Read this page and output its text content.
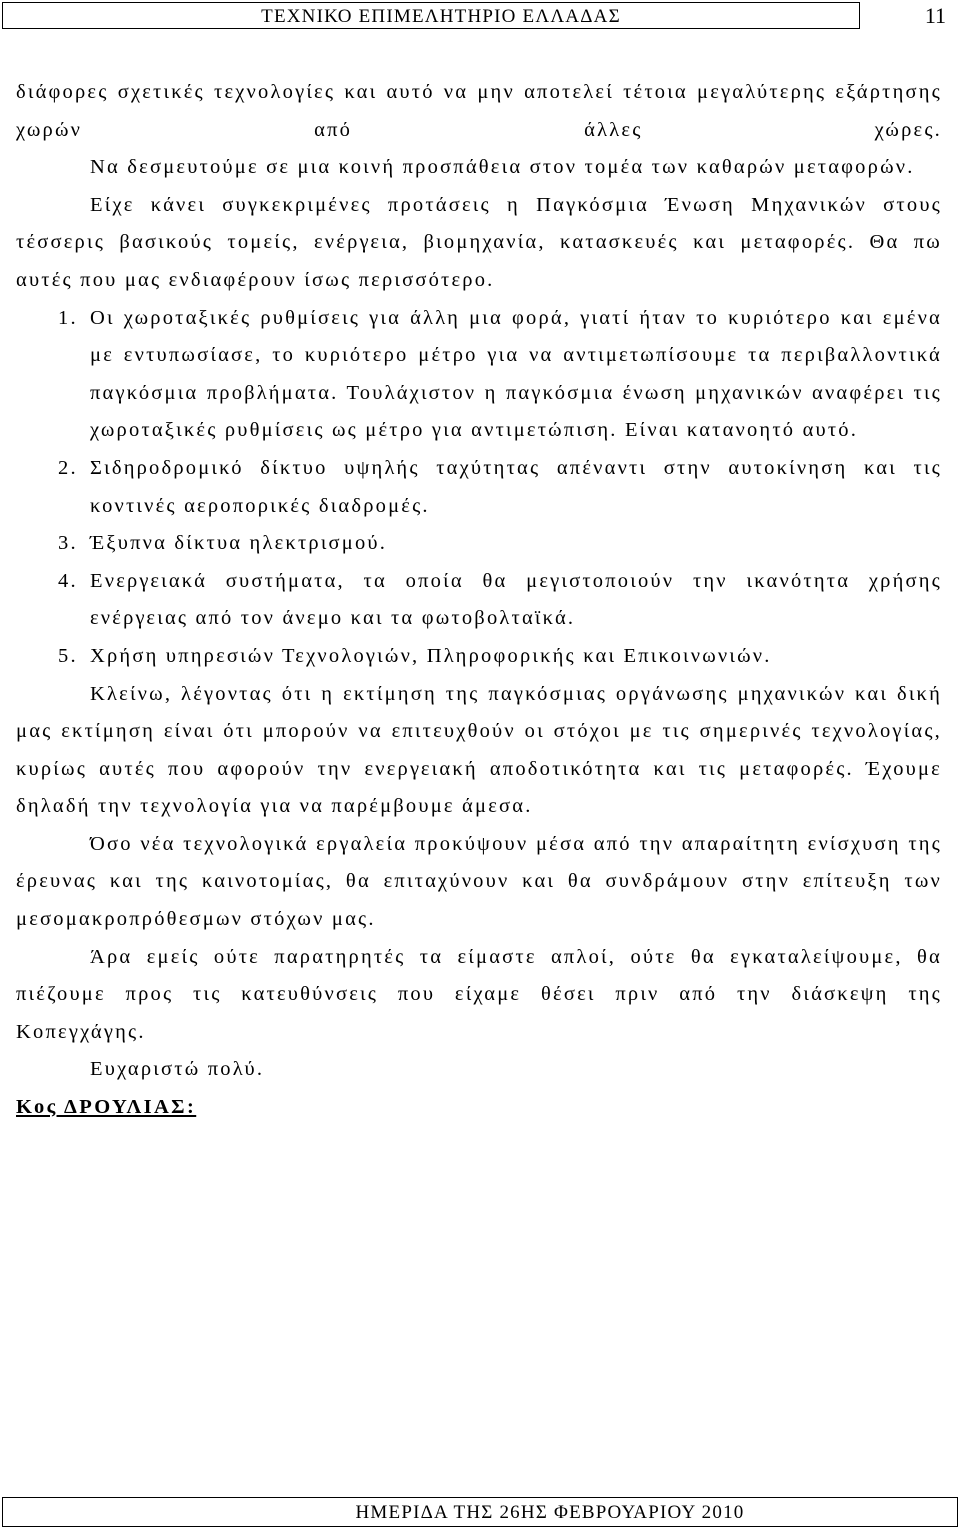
ΤΕΧΝΙΚΟ ΕΠΙΜΕΛΗΤΗΡΙΟ ΕΛΛΑΔΑΣ	11

διάφορες σχετικές τεχνολογίες και αυτό να μην αποτελεί τέτοια μεγαλύτερης εξάρτησης χωρών από άλλες χώρες.

Να δεσμευτούμε σε μια κοινή προσπάθεια στον τομέα των καθαρών μεταφορών.

Είχε κάνει συγκεκριμένες προτάσεις η Παγκόσμια Ένωση Μηχανικών στους τέσσερις βασικούς τομείς, ενέργεια, βιομηχανία, κατασκευές και μεταφορές. Θα πω αυτές που μας ενδιαφέρουν ίσως περισσότερο.

1. Οι χωροταξικές ρυθμίσεις για άλλη μια φορά, γιατί ήταν το κυριότερο και εμένα με εντυπωσίασε, το κυριότερο μέτρο για να αντιμετωπίσουμε τα περιβαλλοντικά παγκόσμια προβλήματα. Τουλάχιστον η παγκόσμια ένωση μηχανικών αναφέρει τις χωροταξικές ρυθμίσεις ως μέτρο για αντιμετώπιση. Είναι κατανοητό αυτό.

2. Σιδηροδρομικό δίκτυο υψηλής ταχύτητας απέναντι στην αυτοκίνηση και τις κοντινές αεροπορικές διαδρομές.

3. Έξυπνα δίκτυα ηλεκτρισμού.

4. Ενεργειακά συστήματα, τα οποία θα μεγιστοποιούν την ικανότητα χρήσης ενέργειας από τον άνεμο και τα φωτοβολταϊκά.

5. Χρήση υπηρεσιών Τεχνολογιών, Πληροφορικής και Επικοινωνιών.

Κλείνω, λέγοντας ότι η εκτίμηση της παγκόσμιας οργάνωσης μηχανικών και δική μας εκτίμηση είναι ότι μπορούν να επιτευχθούν οι στόχοι με τις σημερινές τεχνολογίας, κυρίως αυτές που αφορούν την ενεργειακή αποδοτικότητα και τις μεταφορές. Έχουμε δηλαδή την τεχνολογία για να παρέμβουμε άμεσα.

Όσο νέα τεχνολογικά εργαλεία προκύψουν μέσα από την απαραίτητη ενίσχυση της έρευνας και της καινοτομίας, θα επιταχύνουν και θα συνδράμουν στην επίτευξη των μεσομακροπρόθεσμων στόχων μας.

Άρα εμείς ούτε παρατηρητές τα είμαστε απλοί, ούτε θα εγκαταλείψουμε, θα πιέζουμε προς τις κατευθύνσεις που είχαμε θέσει πριν από την διάσκεψη της Κοπεγχάγης.

Ευχαριστώ πολύ.

Κος ΔΡΟΥΛΙΑΣ:

ΗΜΕΡΙΔΑ ΤΗΣ 26ΗΣ ΦΕΒΡΟΥΑΡΙΟΥ 2010
